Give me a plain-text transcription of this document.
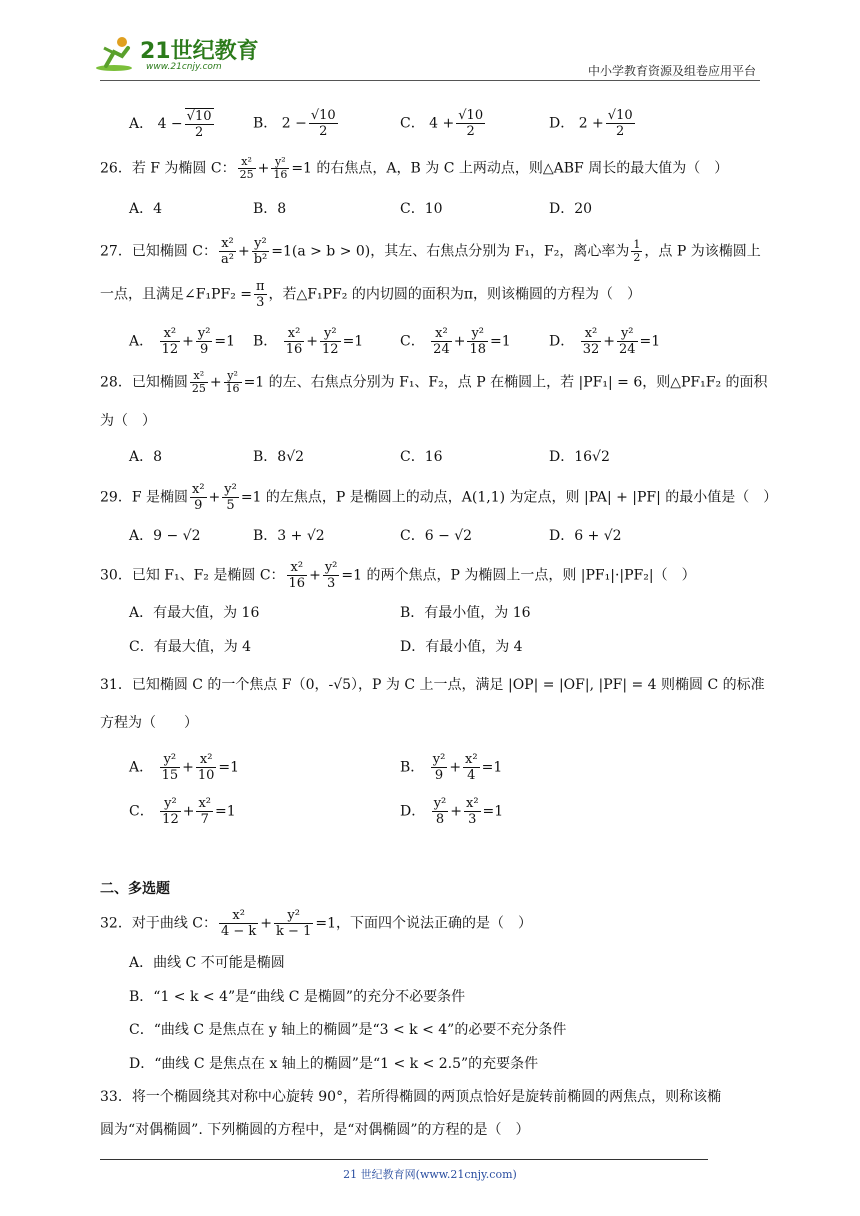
21世纪教育
www.21cnjy.com	中小学教育资源及组卷应用平台
A． $4 - \frac{√10}{2}$	B． $2 - \frac{√10}{2}$	C． $4 + \frac{√10}{2}$	D． $2 + \frac{√10}{2}$
26．若 F 为椭圆 C： $\frac{\text{x²}}{25} + \frac{\text{y²}}{16} =1$ 的右焦点，A，B 为 C 上两动点，则△ABF 周长的最大值为（　）
A．4	B．8	C．10	D．20
27．已知椭圆 C： $\frac{\text{x²}}{\text{a²}} + \frac{\text{y²}}{\text{b²}} =1(a > b > 0)$，其左、右焦点分别为 F₁，F₂，离心率为 $\frac{1}{2}$ ，点 P 为该椭圆上
一点，且满足∠F₁PF₂ = $\frac{\pi}{3}$ ，若△F₁PF₂ 的内切圆的面积为π，则该椭圆的方程为（　）
A． $\frac{\text{x²}}{12} + \frac{\text{y²}}{9} =1$ B． $\frac{\text{x²}}{16} + \frac{\text{y²}}{12} =1$	C． $\frac{\text{x²}}{24} + \frac{\text{y²}}{18} =1$	D． $\frac{\text{x²}}{32} + \frac{\text{y²}}{24} =1$
28．已知椭圆 $\frac{\text{x²}}{25} + \frac{\text{y²}}{16} =1$ 的左、右焦点分别为 F₁、F₂，点 P 在椭圆上，若 |PF₁| = 6，则△PF₁F₂ 的面积
为（　）
A．8	B．8√2	C．16	D．16√2
29．F 是椭圆 $\frac{\text{x²}}{9} + \frac{\text{y²}}{5} =1$ 的左焦点，P 是椭圆上的动点，A(1,1) 为定点，则 |PA| + |PF| 的最小值是（　）
A．9 − √2	B．3 + √2	C．6 − √2	D．6 + √2
30．已知 F₁、F₂ 是椭圆 C： $\frac{\text{x²}}{16} + \frac{\text{y²}}{3} =1$ 的两个焦点，P 为椭圆上一点，则 |PF₁|·|PF₂|（　）
A．有最大值，为 16	B．有最小值，为 16
C．有最大值，为 4	D．有最小值，为 4
31．已知椭圆 C 的一个焦点 F（0，-√5），P 为 C 上一点，满足 |OP| = |OF|, |PF| = 4 则椭圆 C 的标准
方程为（　　）
A． $\frac{\text{y²}}{15} + \frac{\text{x²}}{10} =1$	B． $\frac{\text{y²}}{9} + \frac{\text{x²}}{4} =1$
C． $\frac{\text{y²}}{12} + \frac{\text{x²}}{7} =1$	D． $\frac{\text{y²}}{8} + \frac{\text{x²}}{3} =1$
二、多选题
32．对于曲线 C： $\frac{\text{x²}}{4 - k} + \frac{\text{y²}}{k - 1} =1$，下面四个说法正确的是（　）
A．曲线 C 不可能是椭圆
B．“1 < k < 4”是“曲线 C 是椭圆”的充分不必要条件
C．“曲线 C 是焦点在 y 轴上的椭圆”是“3 < k < 4”的必要不充分条件
D．“曲线 C 是焦点在 x 轴上的椭圆”是“1 < k < 2.5”的充要条件
33．将一个椭圆绕其对称中心旋转 90°，若所得椭圆的两顶点恰好是旋转前椭圆的两焦点，则称该椭
圆为“对偶椭圆”. 下列椭圆的方程中，是“对偶椭圆”的方程的是（　）
21 世纪教育网(www.21cnjy.com)
